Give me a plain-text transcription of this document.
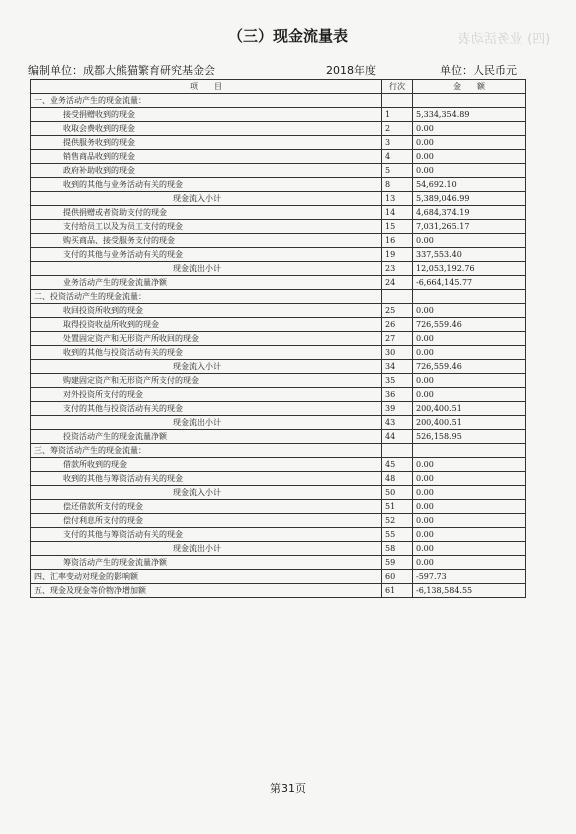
(四) 业务活动表
（三）现金流量表
编制单位：成都大熊猫繁育研究基金会	2018年度	单位：人民币元
项　　目	行次	金　　额
一、业务活动产生的现金流量：		
接受捐赠收到的现金	1	5,334,354.89
收取会费收到的现金	2	0.00
提供服务收到的现金	3	0.00
销售商品收到的现金	4	0.00
政府补助收到的现金	5	0.00
收到的其他与业务活动有关的现金	8	54,692.10
现金流入小计	13	5,389,046.99
提供捐赠或者资助支付的现金	14	4,684,374.19
支付给员工以及为员工支付的现金	15	7,031,265.17
购买商品、接受服务支付的现金	16	0.00
支付的其他与业务活动有关的现金	19	337,553.40
现金流出小计	23	12,053,192.76
业务活动产生的现金流量净额	24	-6,664,145.77
二、投资活动产生的现金流量：		
收回投资所收到的现金	25	0.00
取得投资收益所收到的现金	26	726,559.46
处置固定资产和无形资产所收回的现金	27	0.00
收到的其他与投资活动有关的现金	30	0.00
现金流入小计	34	726,559.46
购建固定资产和无形资产所支付的现金	35	0.00
对外投资所支付的现金	36	0.00
支付的其他与投资活动有关的现金	39	200,400.51
现金流出小计	43	200,400.51
投资活动产生的现金流量净额	44	526,158.95
三、筹资活动产生的现金流量：		
借款所收到的现金	45	0.00
收到的其他与筹资活动有关的现金	48	0.00
现金流入小计	50	0.00
偿还借款所支付的现金	51	0.00
偿付利息所支付的现金	52	0.00
支付的其他与筹资活动有关的现金	55	0.00
现金流出小计	58	0.00
筹资活动产生的现金流量净额	59	0.00
四、汇率变动对现金的影响额	60	-597.73
五、现金及现金等价物净增加额	61	-6,138,584.55
第31页
